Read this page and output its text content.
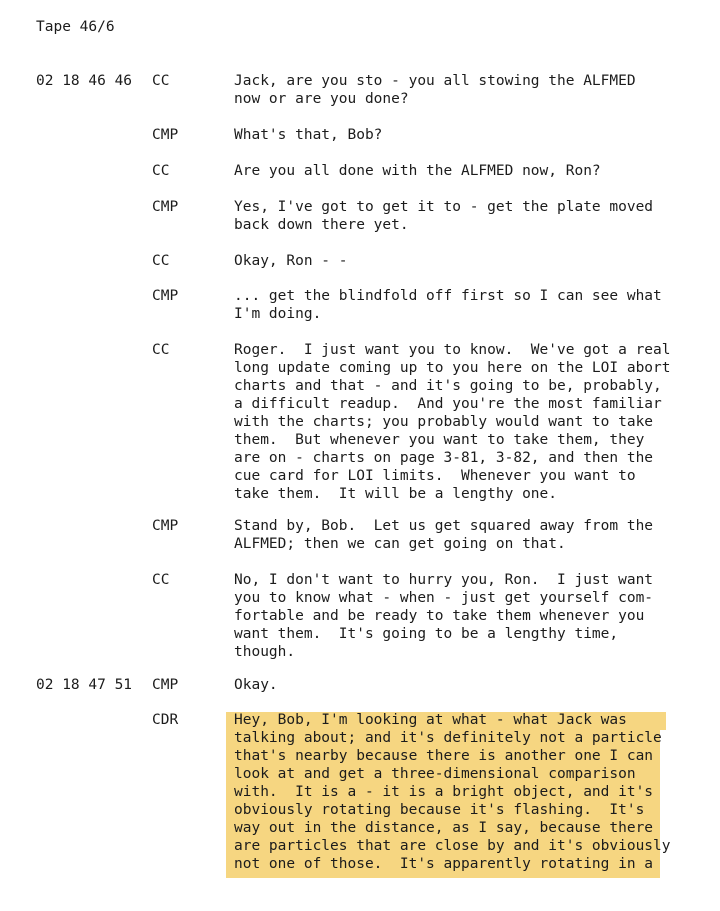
Tape 46/6
02 18 46 46 CC	Jack, are you sto - you all stowing the ALFMED
now or are you done?
CMP	What's that, Bob?
CC	Are you all done with the ALFMED now, Ron?
CMP	Yes, I've got to get it to - get the plate moved
back down there yet.
CC	Okay, Ron - -
CMP	... get the blindfold off first so I can see what
I'm doing.
CC	Roger.  I just want you to know.  We've got a real
long update coming up to you here on the LOI abort
charts and that - and it's going to be, probably,
a difficult readup.  And you're the most familiar
with the charts; you probably would want to take
them.  But whenever you want to take them, they
are on - charts on page 3-81, 3-82, and then the
cue card for LOI limits.  Whenever you want to
take them.  It will be a lengthy one.
CMP	Stand by, Bob.  Let us get squared away from the
ALFMED; then we can get going on that.
CC	No, I don't want to hurry you, Ron.  I just want
you to know what - when - just get yourself com-
fortable and be ready to take them whenever you
want them.  It's going to be a lengthy time,
though.
02 18 47 51 CMP	Okay.
CDR	Hey, Bob, I'm looking at what - what Jack was
talking about; and it's definitely not a particle
that's nearby because there is another one I can
look at and get a three-dimensional comparison
with.  It is a - it is a bright object, and it's
obviously rotating because it's flashing.  It's
way out in the distance, as I say, because there
are particles that are close by and it's obviously
not one of those.  It's apparently rotating in a
